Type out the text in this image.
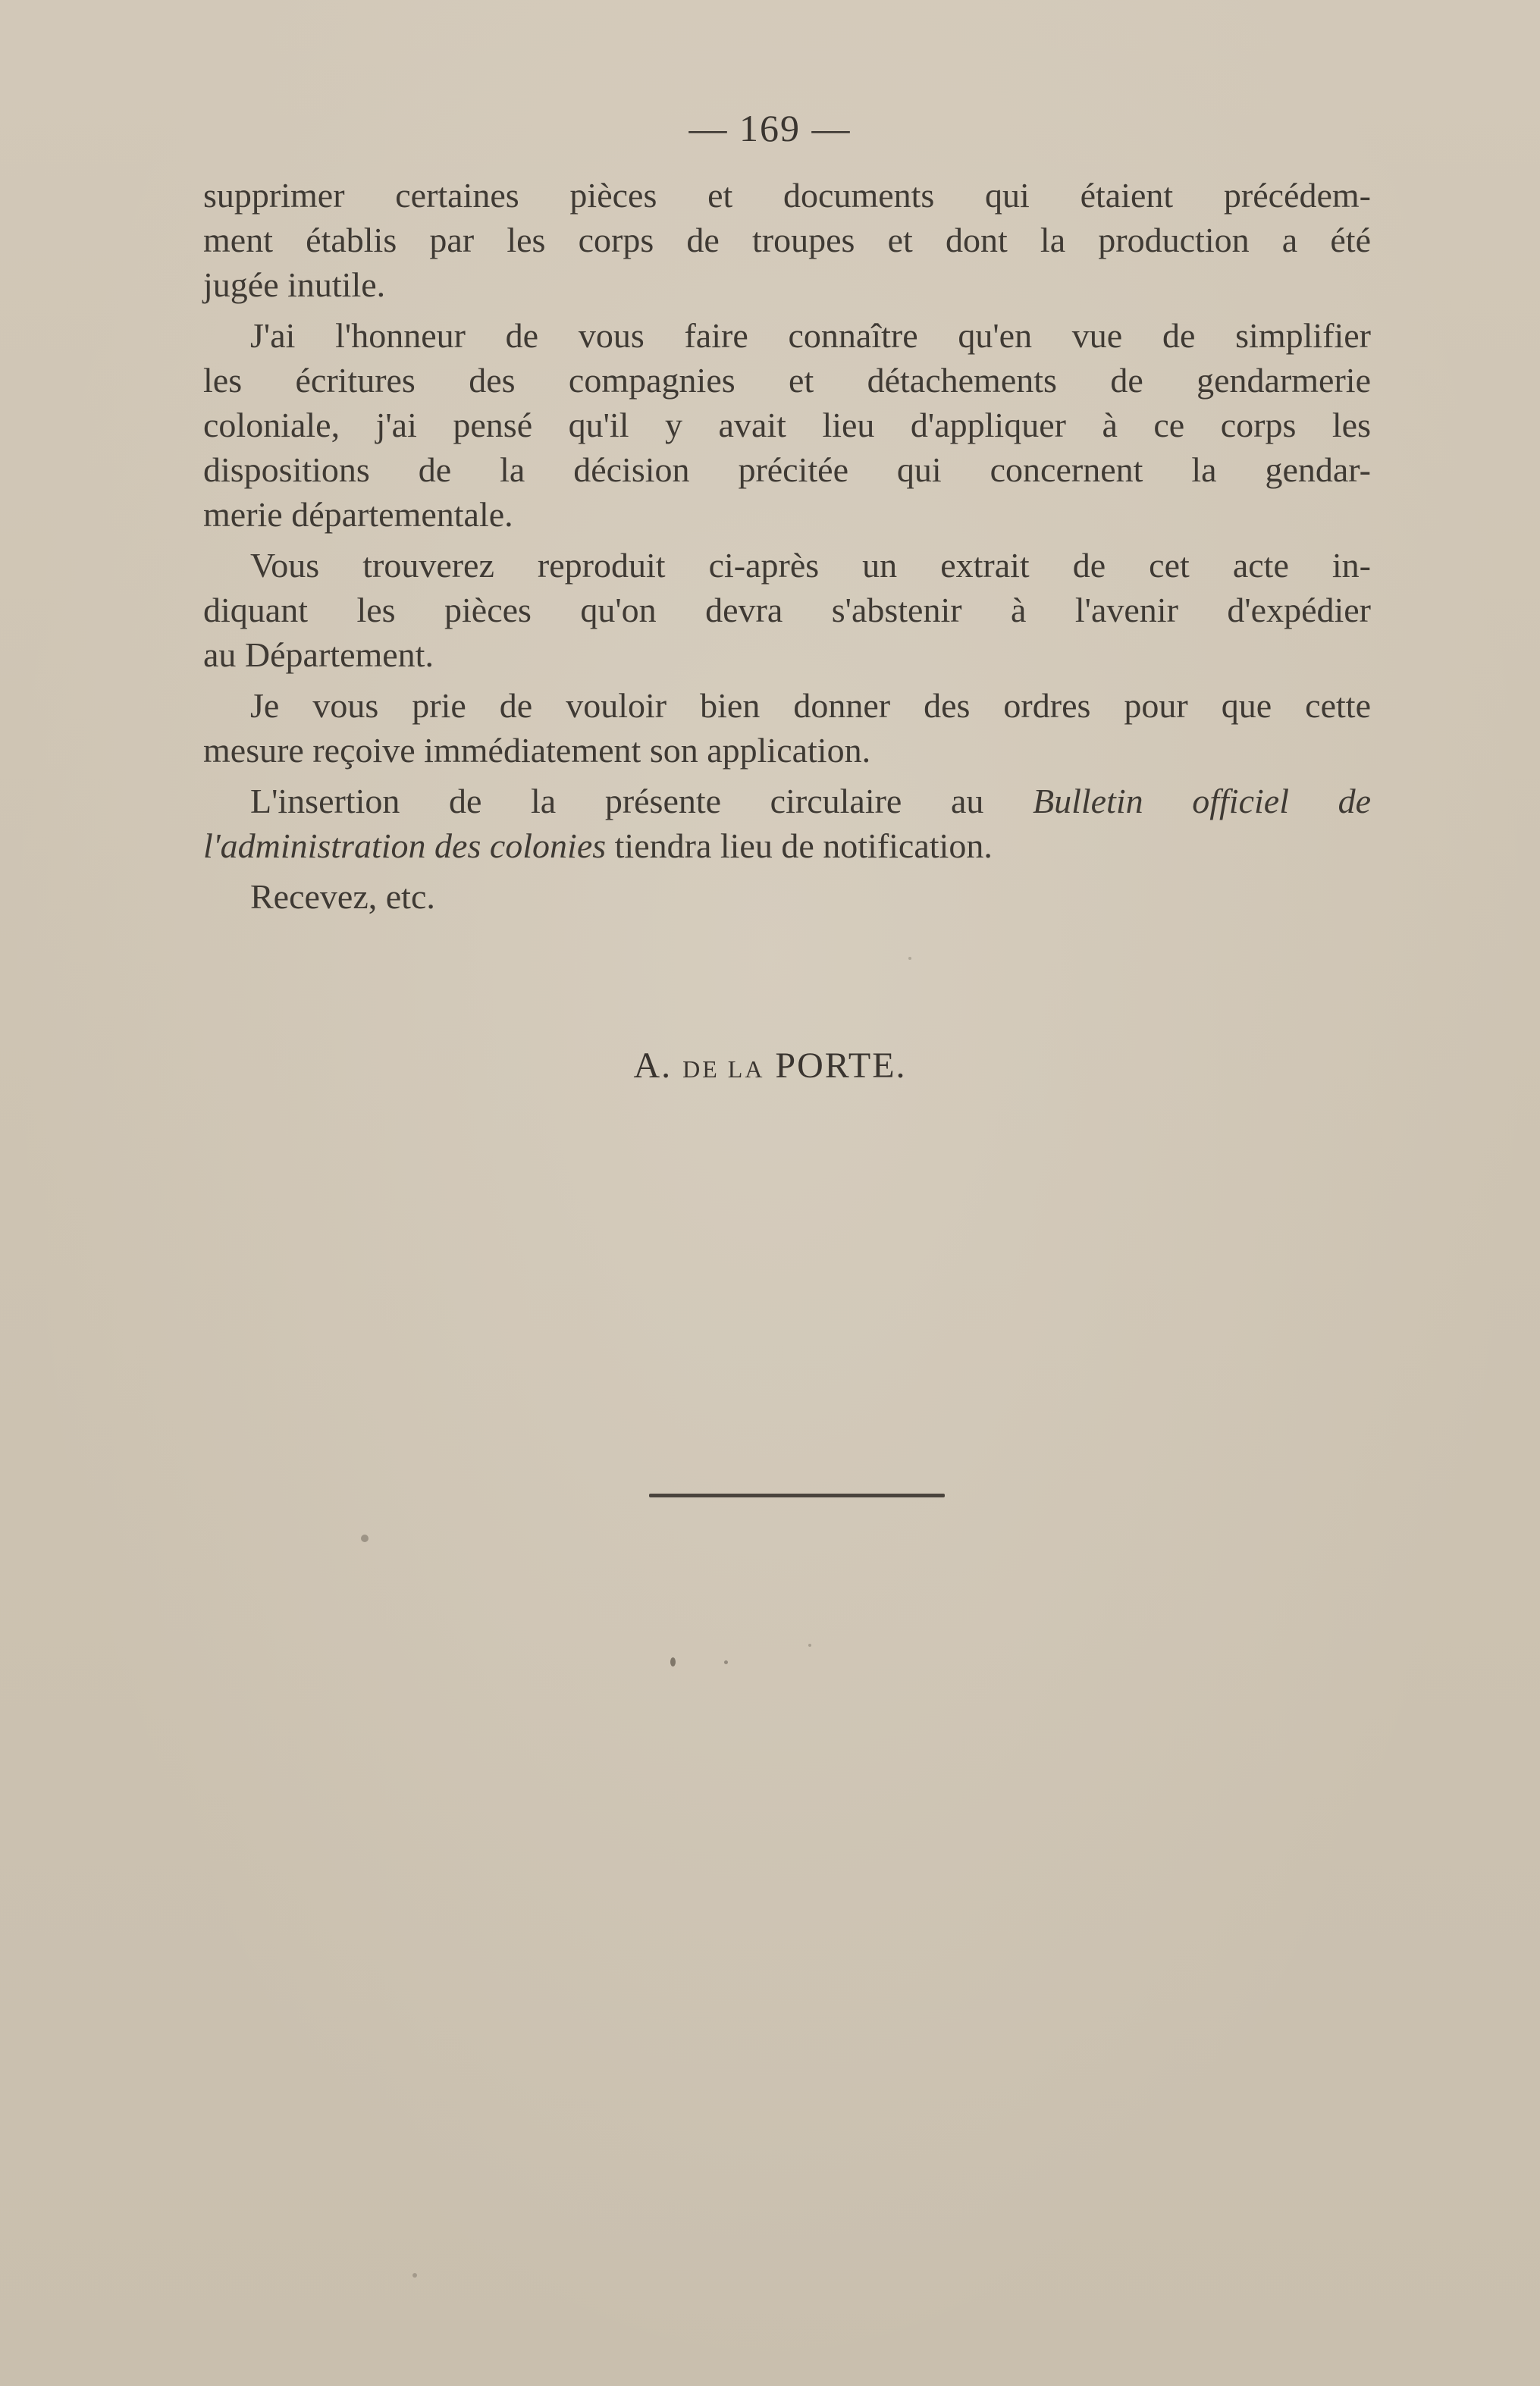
— 169 —

supprimer certaines pièces et documents qui étaient précédem-
ment établis par les corps de troupes et dont la production a été
jugée inutile.

J'ai l'honneur de vous faire connaître qu'en vue de simplifier
les écritures des compagnies et détachements de gendarmerie
coloniale, j'ai pensé qu'il y avait lieu d'appliquer à ce corps les
dispositions de la décision précitée qui concernent la gendar-
merie départementale.

Vous trouverez reproduit ci-après un extrait de cet acte in-
diquant les pièces qu'on devra s'abstenir à l'avenir d'expédier
au Département.

Je vous prie de vouloir bien donner des ordres pour que cette
mesure reçoive immédiatement son application.

L'insertion de la présente circulaire au Bulletin officiel de
l'administration des colonies tiendra lieu de notification.

Recevez, etc.

A. DE LA PORTE.
